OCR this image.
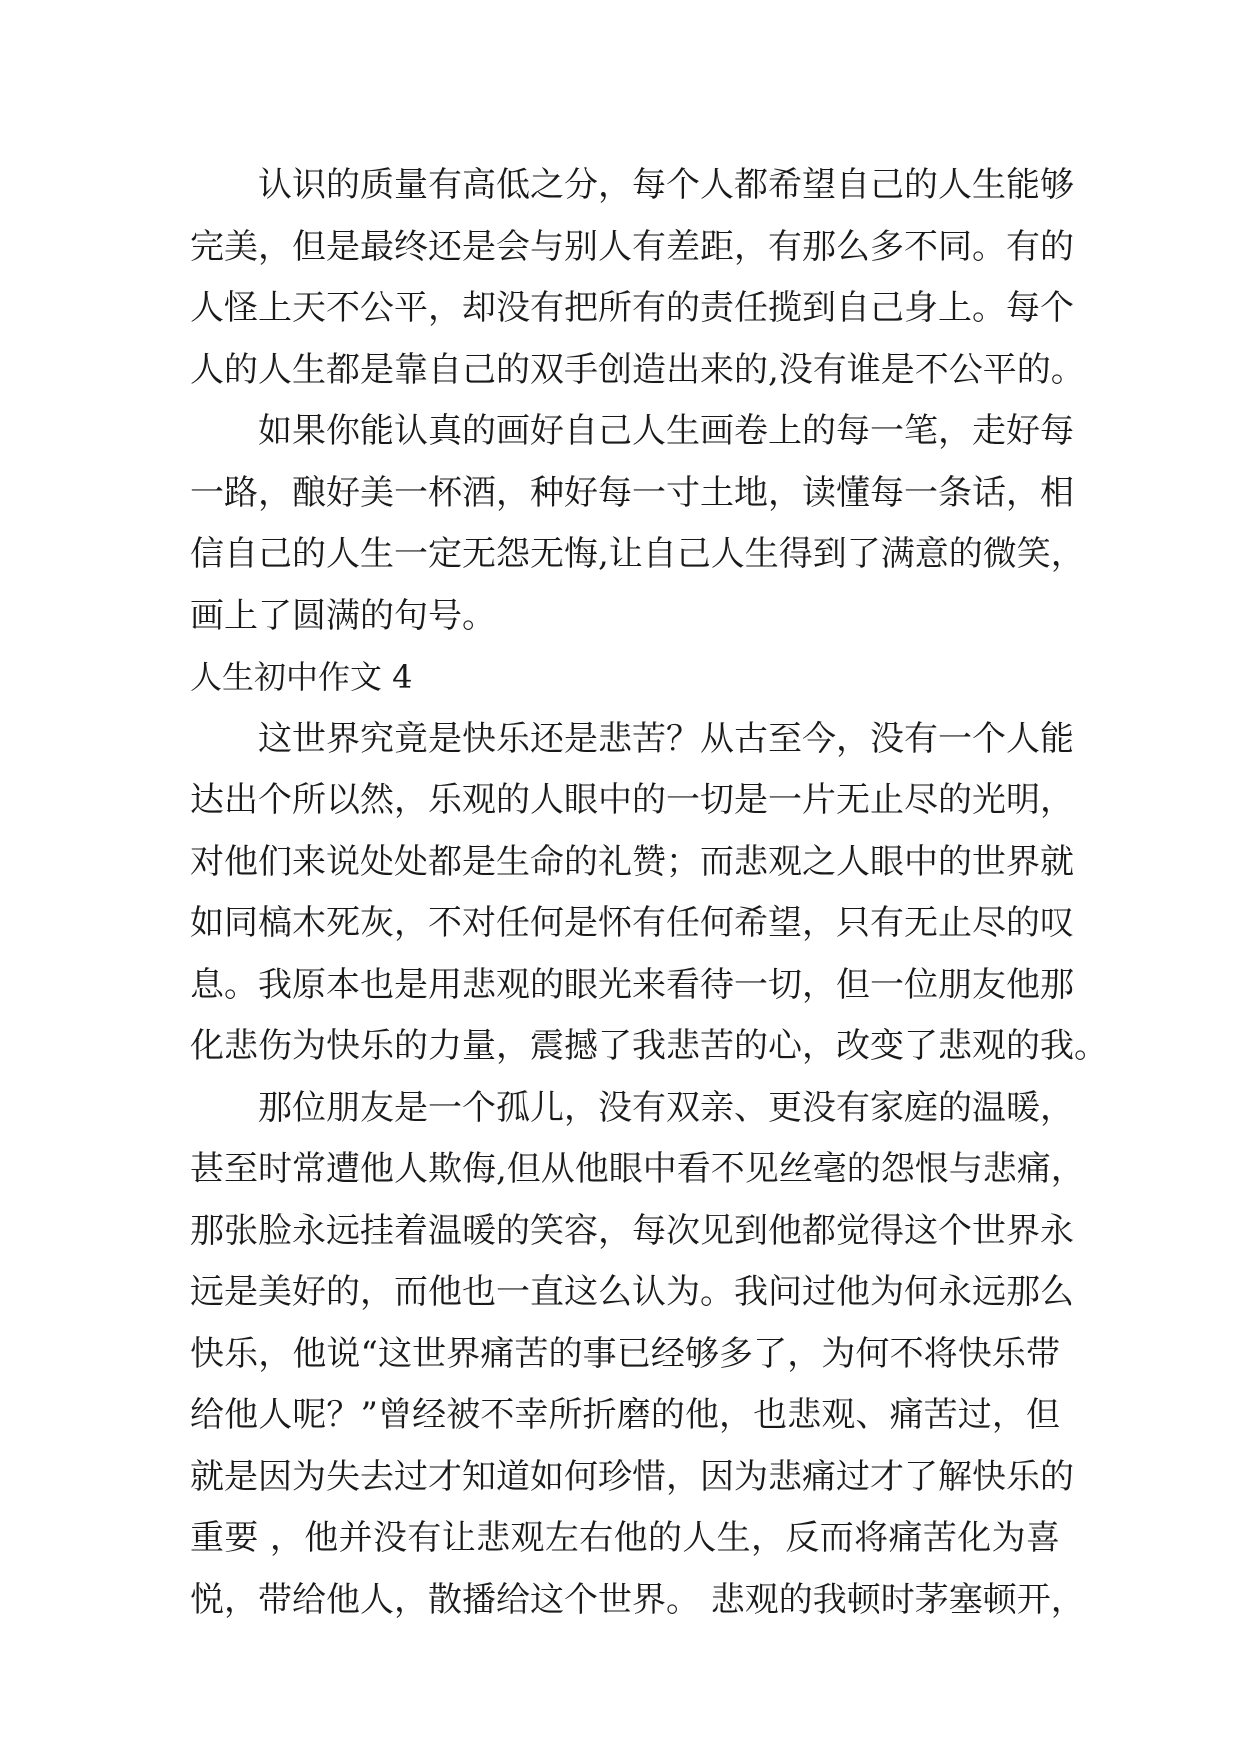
认识的质量有高低之分，每个人都希望自己的人生能够
完美，但是最终还是会与别人有差距，有那么多不同。有的
人怪上天不公平，却没有把所有的责任揽到自己身上。每个
人的人生都是靠自己的双手创造出来的,没有谁是不公平的。
如果你能认真的画好自己人生画卷上的每一笔，走好每
一路，酿好美一杯酒，种好每一寸土地，读懂每一条话，相
信自己的人生一定无怨无悔,让自己人生得到了满意的微笑，
画上了圆满的句号。
人生初中作文 4
这世界究竟是快乐还是悲苦？从古至今，没有一个人能
达出个所以然，乐观的人眼中的一切是一片无止尽的光明，
对他们来说处处都是生命的礼赞；而悲观之人眼中的世界就
如同槁木死灰，不对任何是怀有任何希望，只有无止尽的叹
息。我原本也是用悲观的眼光来看待一切，但一位朋友他那
化悲伤为快乐的力量，震撼了我悲苦的心，改变了悲观的我。
那位朋友是一个孤儿，没有双亲、更没有家庭的温暖，
甚至时常遭他人欺侮,但从他眼中看不见丝毫的怨恨与悲痛，
那张脸永远挂着温暖的笑容，每次见到他都觉得这个世界永
远是美好的，而他也一直这么认为。我问过他为何永远那么
快乐，他说“这世界痛苦的事已经够多了，为何不将快乐带
给他人呢？”曾经被不幸所折磨的他，也悲观、痛苦过，但
就是因为失去过才知道如何珍惜，因为悲痛过才了解快乐的
重要 ，他并没有让悲观左右他的人生，反而将痛苦化为喜
悦，带给他人，散播给这个世界。 悲观的我顿时茅塞顿开，
